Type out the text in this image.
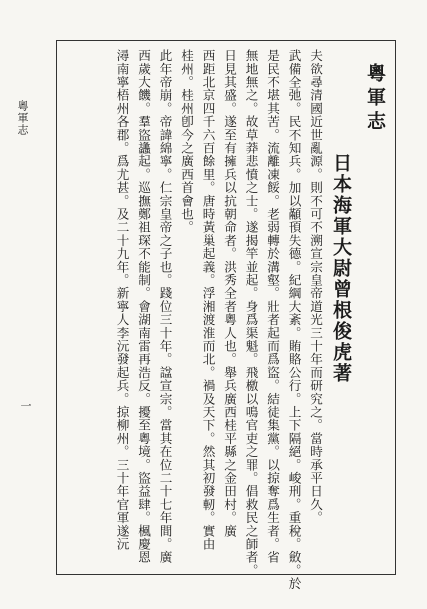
粵軍志
一
粵軍志
日本海軍大尉曾根俊虎著
夫欲尋清國近世亂源。則不可不溯宣宗皇帝道光三十年而研究之。當時承平日久。
武備全弛。民不知兵。加以顢頇失德。紀綱大紊。賄賂公行。上下隔絕。峻刑。重稅。斂。於
是民不堪其苦。流離凍餒。老弱轉於溝壑。壯者起而爲盜。結徒集黨。以掠奪爲生者。省
無地無之。故草莽悲憤之士。遂揭竿並起。身爲渠魁。飛檄以鳴官吏之罪。倡救民之師者。
日見其盛。遂至有擁兵以抗朝命者。洪秀全者粵人也。舉兵廣西桂平縣之金田村。廣
西距北京四千六百餘里。唐時黃巢起義。浮湘渡淮而北。禍及天下。然其初發軔。實由
桂州。桂州卽今之廣西首會也。
此年帝崩。帝諱綿寧。仁宗皇帝之子也。踐位三十年。諡宣宗。當其在位二十七年間。廣
西歲大饑。羣盜蠭起。巡撫鄭祖琛不能制。會湖南雷再浩反。擾至粵境。盜益肆。楓慶恩
潯南寧梧州各郡。爲尤甚。及二十九年。新寧人李沅發起兵。掠柳州。三十年官軍遂沅
